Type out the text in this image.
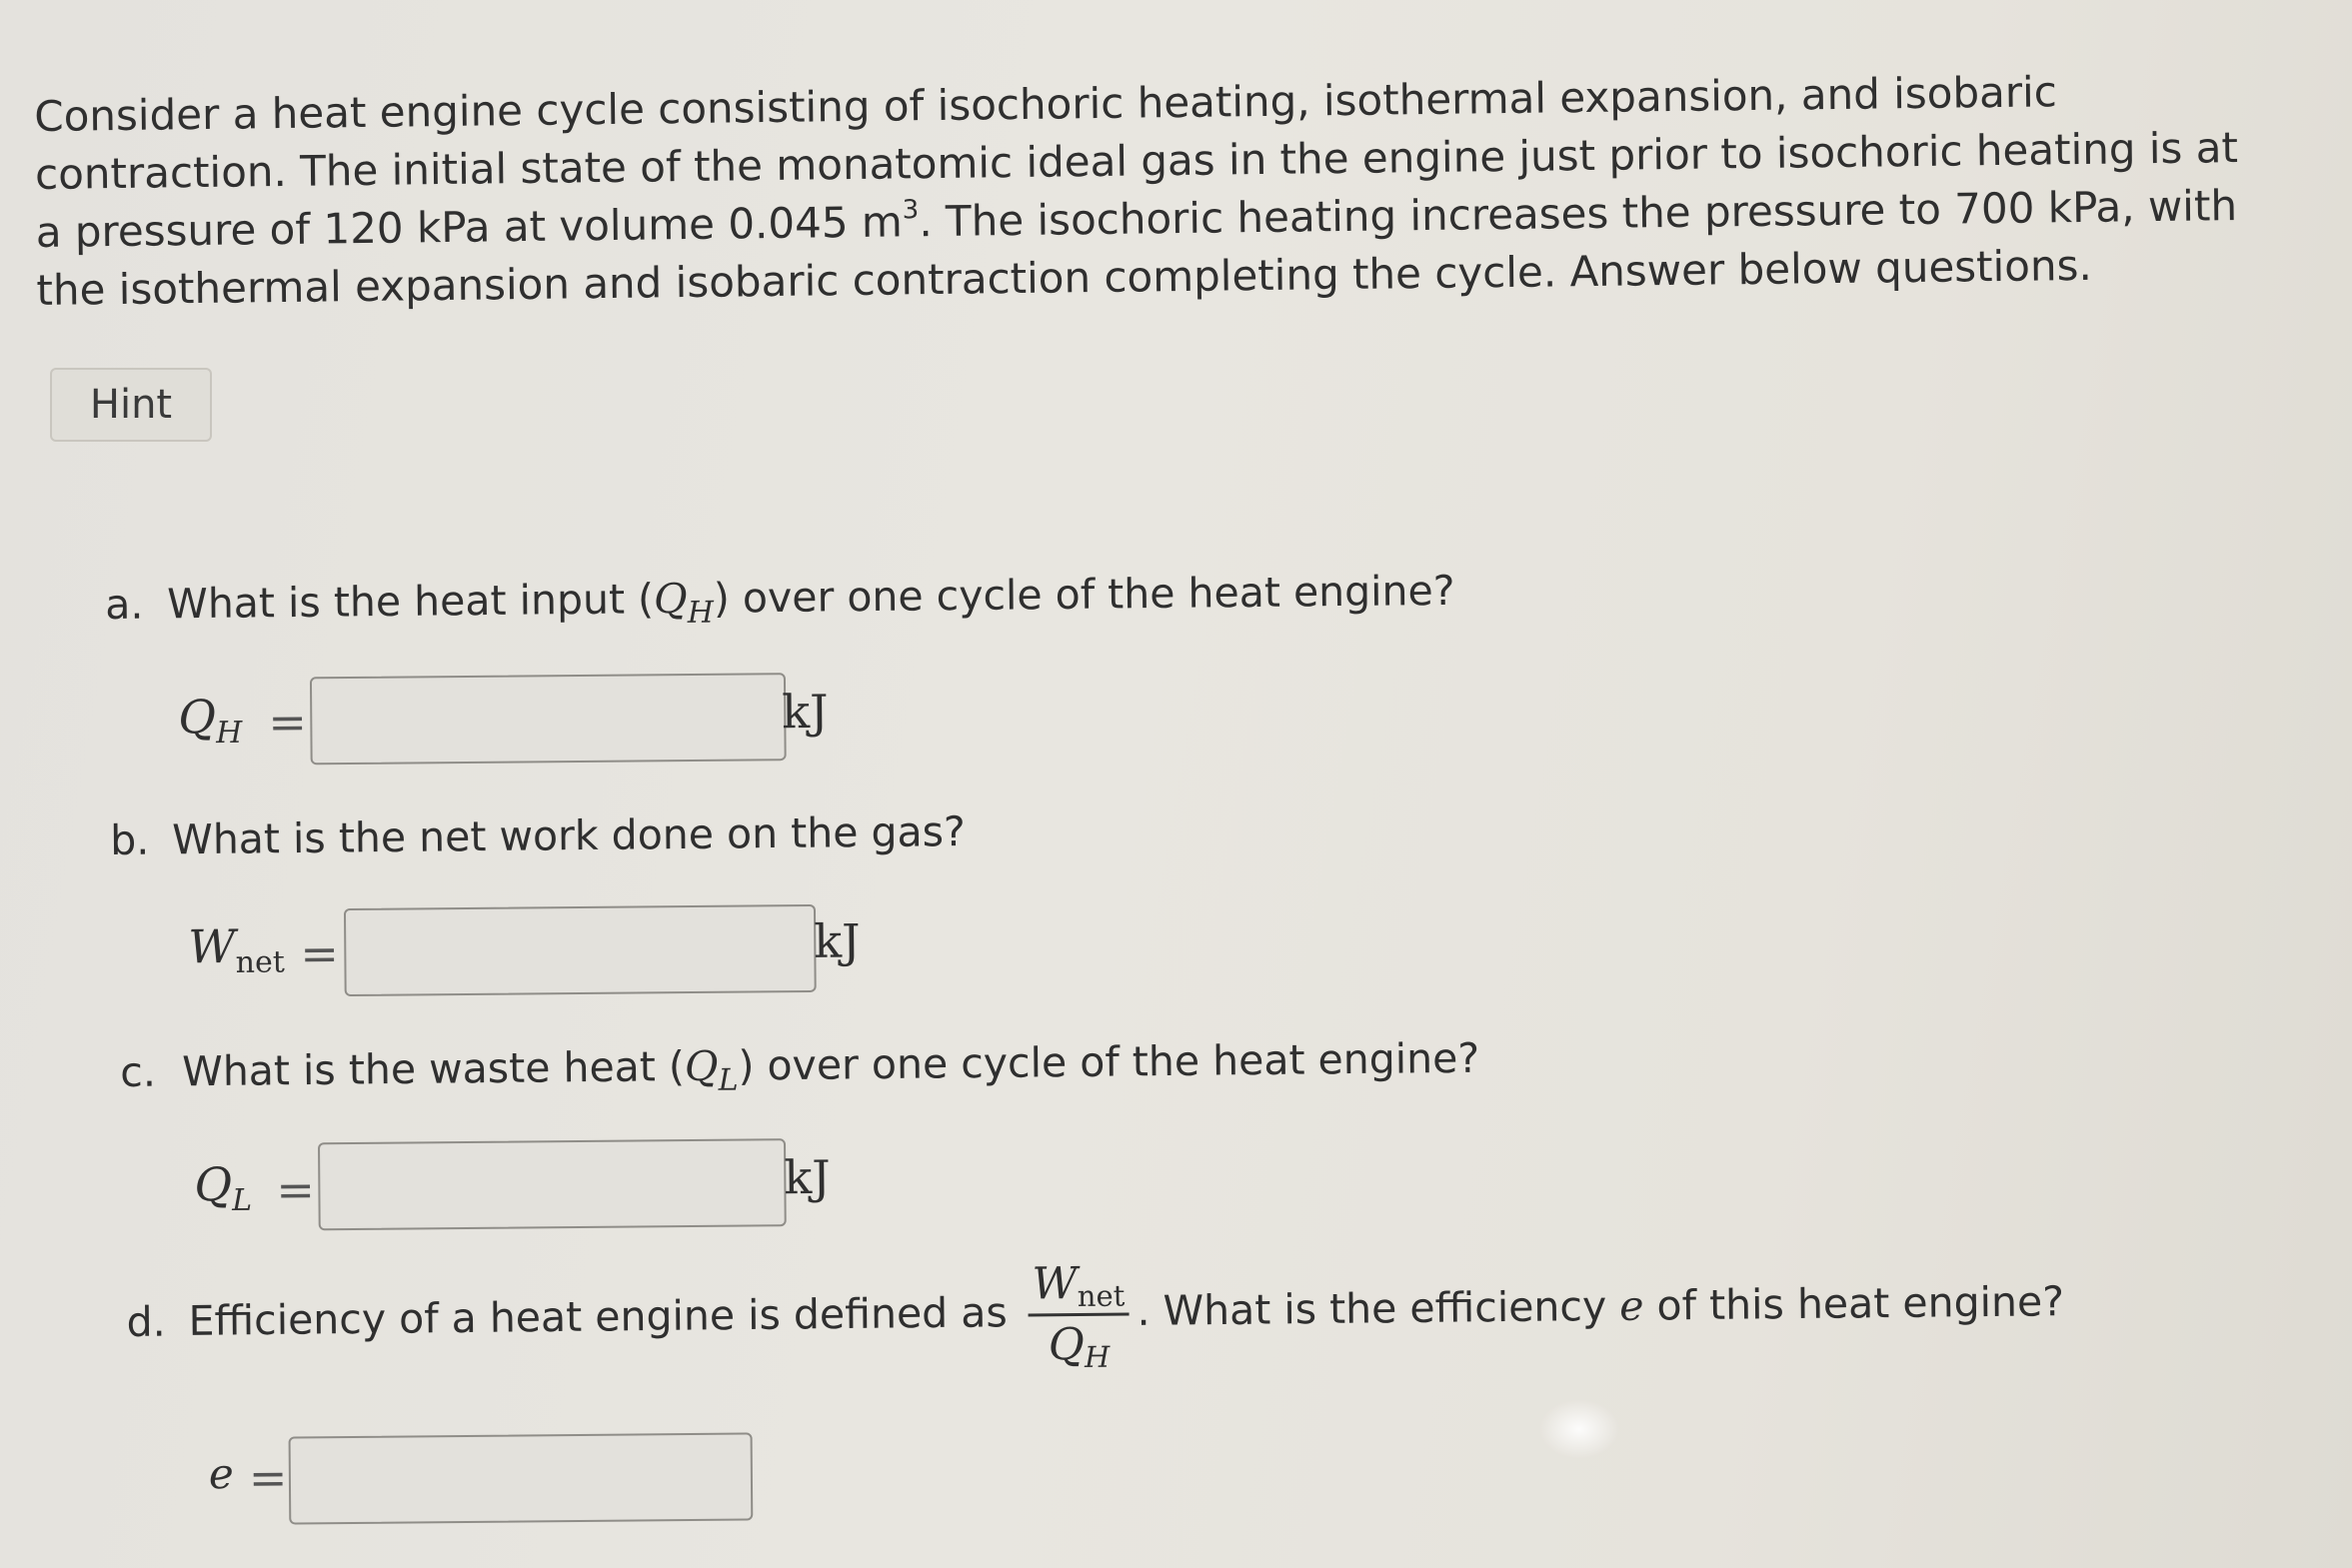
Consider a heat engine cycle consisting of isochoric heating, isothermal expansion, and isobaric contraction. The initial state of the monatomic ideal gas in the engine just prior to isochoric heating is at a pressure of 120 kPa at volume 0.045 $m^3$. The isochoric heating increases the pressure to 700 kPa, with the isothermal expansion and isobaric contraction completing the cycle. Answer below questions.
Hint
a. What is the heat input $(Q_H)$ over one cycle of the heat engine?
$Q_H$ =	kJ
b. What is the net work done on the gas?
$W_{net}$ =	kJ
c. What is the waste heat $(Q_L)$ over one cycle of the heat engine?
$Q_L$ =	kJ
d. Efficiency of a heat engine is defined as $\frac{\text{Wnet}}{Q_H}$ . What is the efficiency e of this heat engine?
e =
